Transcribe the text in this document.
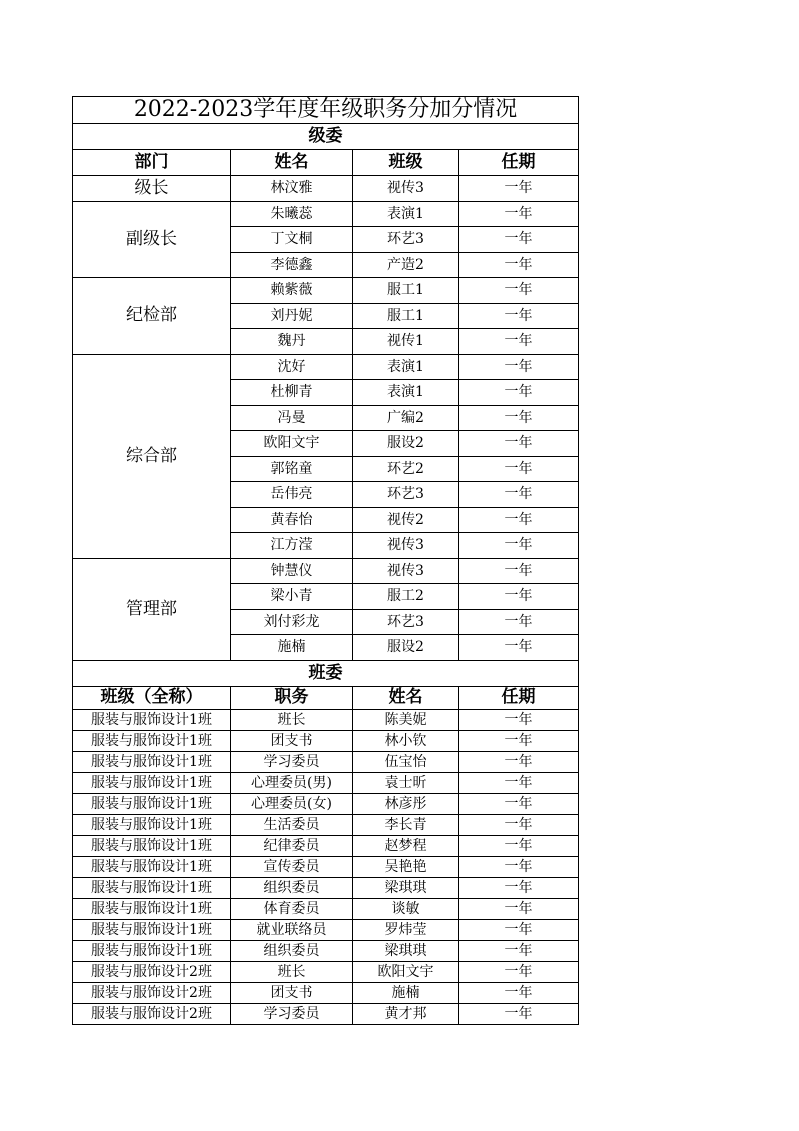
2022-2023学年度年级职务分加分情况			
级委			
部门	姓名	班级	任期
级长	林汶雅	视传3	一年
副级长	朱曦蕊	表演1	一年
	丁文桐	环艺3	一年
	李德鑫	产造2	一年
纪检部	赖紫薇	服工1	一年
	刘丹妮	服工1	一年
	魏丹	视传1	一年
综合部	沈好	表演1	一年
	杜柳青	表演1	一年
	冯曼	广编2	一年
	欧阳文宇	服设2	一年
	郭铭童	环艺2	一年
	岳伟亮	环艺3	一年
	黄春怡	视传2	一年
	江方滢	视传3	一年
管理部	钟慧仪	视传3	一年
	梁小青	服工2	一年
	刘付彩龙	环艺3	一年
	施楠	服设2	一年
班委			
班级（全称）	职务	姓名	任期
服装与服饰设计1班	班长	陈美妮	一年
服装与服饰设计1班	团支书	林小钦	一年
服装与服饰设计1班	学习委员	伍宝怡	一年
服装与服饰设计1班	心理委员(男)	袁士昕	一年
服装与服饰设计1班	心理委员(女)	林彦彤	一年
服装与服饰设计1班	生活委员	李长青	一年
服装与服饰设计1班	纪律委员	赵梦程	一年
服装与服饰设计1班	宣传委员	吴艳艳	一年
服装与服饰设计1班	组织委员	梁琪琪	一年
服装与服饰设计1班	体育委员	谈敏	一年
服装与服饰设计1班	就业联络员	罗炜莹	一年
服装与服饰设计1班	组织委员	梁琪琪	一年
服装与服饰设计2班	班长	欧阳文宇	一年
服装与服饰设计2班	团支书	施楠	一年
服装与服饰设计2班	学习委员	黄才邦	一年
